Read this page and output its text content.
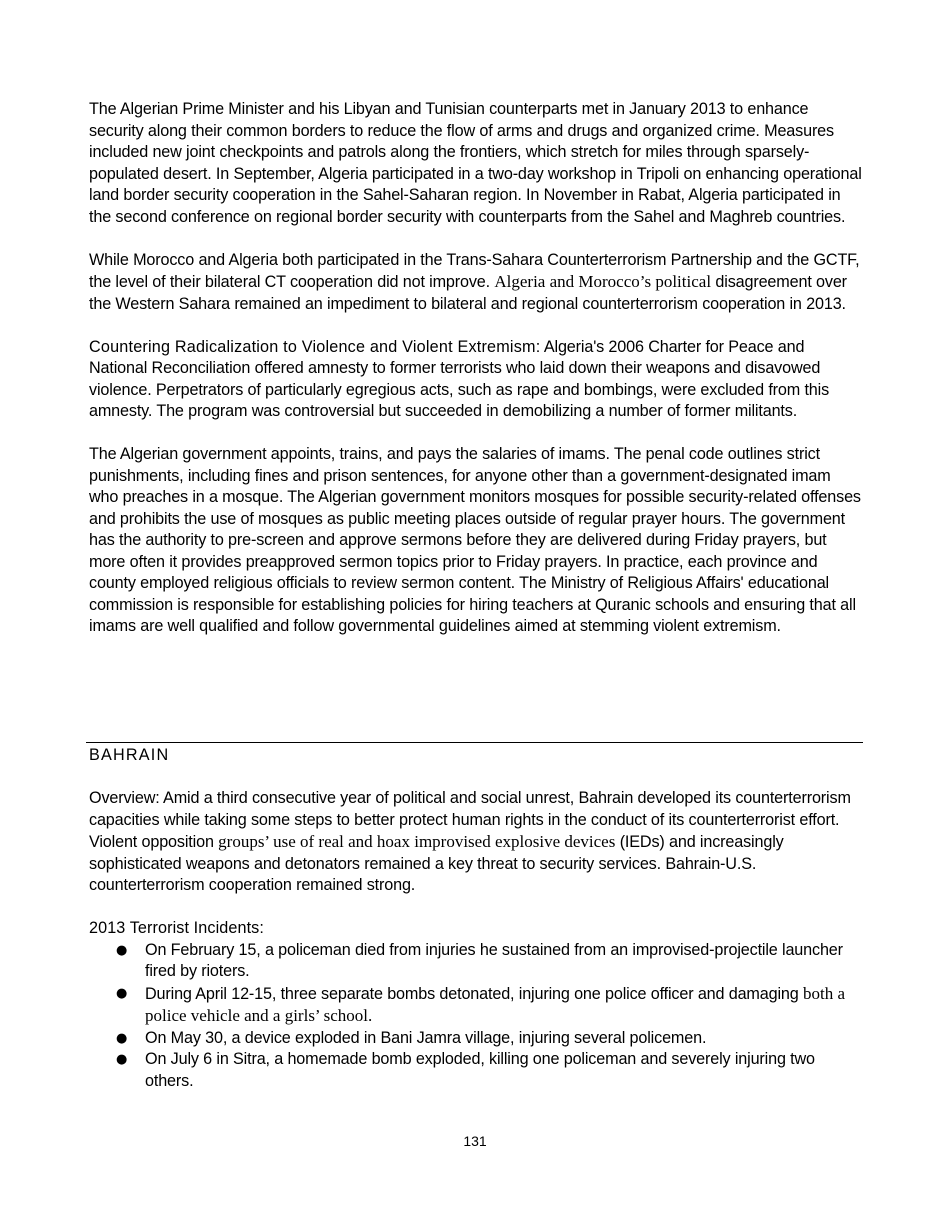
The Algerian Prime Minister and his Libyan and Tunisian counterparts met in January 2013 to enhance security along their common borders to reduce the flow of arms and drugs and organized crime. Measures included new joint checkpoints and patrols along the frontiers, which stretch for miles through sparsely-populated desert. In September, Algeria participated in a two-day workshop in Tripoli on enhancing operational land border security cooperation in the Sahel-Saharan region. In November in Rabat, Algeria participated in the second conference on regional border security with counterparts from the Sahel and Maghreb countries.

While Morocco and Algeria both participated in the Trans-Sahara Counterterrorism Partnership and the GCTF, the level of their bilateral CT cooperation did not improve. Algeria and Morocco’s political disagreement over the Western Sahara remained an impediment to bilateral and regional counterterrorism cooperation in 2013.

Countering Radicalization to Violence and Violent Extremism: Algeria's 2006 Charter for Peace and National Reconciliation offered amnesty to former terrorists who laid down their weapons and disavowed violence. Perpetrators of particularly egregious acts, such as rape and bombings, were excluded from this amnesty. The program was controversial but succeeded in demobilizing a number of former militants.

The Algerian government appoints, trains, and pays the salaries of imams. The penal code outlines strict punishments, including fines and prison sentences, for anyone other than a government-designated imam who preaches in a mosque. The Algerian government monitors mosques for possible security-related offenses and prohibits the use of mosques as public meeting places outside of regular prayer hours. The government has the authority to pre-screen and approve sermons before they are delivered during Friday prayers, but more often it provides preapproved sermon topics prior to Friday prayers. In practice, each province and county employed religious officials to review sermon content. The Ministry of Religious Affairs' educational commission is responsible for establishing policies for hiring teachers at Quranic schools and ensuring that all imams are well qualified and follow governmental guidelines aimed at stemming violent extremism.

BAHRAIN

Overview: Amid a third consecutive year of political and social unrest, Bahrain developed its counterterrorism capacities while taking some steps to better protect human rights in the conduct of its counterterrorist effort. Violent opposition groups’ use of real and hoax improvised explosive devices (IEDs) and increasingly sophisticated weapons and detonators remained a key threat to security services. Bahrain-U.S. counterterrorism cooperation remained strong.

2013 Terrorist Incidents:

● On February 15, a policeman died from injuries he sustained from an improvised-projectile launcher fired by rioters.
● During April 12-15, three separate bombs detonated, injuring one police officer and damaging both a police vehicle and a girls’ school.
● On May 30, a device exploded in Bani Jamra village, injuring several policemen.
● On July 6 in Sitra, a homemade bomb exploded, killing one policeman and severely injuring two others.
131
